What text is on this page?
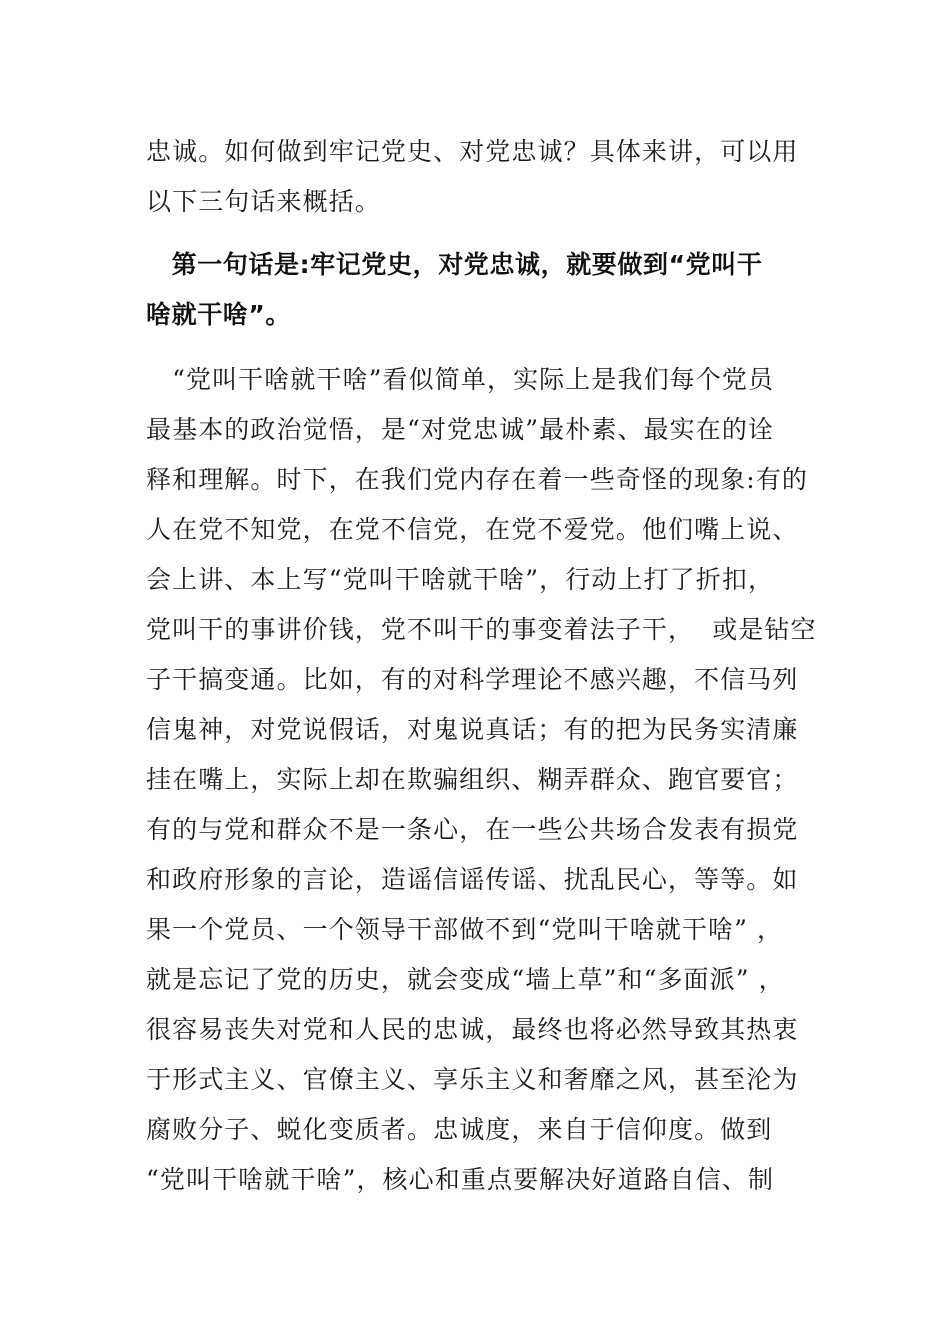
忠诚。如何做到牢记党史、对党忠诚？具体来讲，可以用
以下三句话来概括。
　第一句话是:牢记党史，对党忠诚，就要做到“党叫干
啥就干啥”。
　“党叫干啥就干啥”看似简单，实际上是我们每个党员
最基本的政治觉悟，是“对党忠诚”最朴素、最实在的诠
释和理解。时下，在我们党内存在着一些奇怪的现象:有的
人在党不知党，在党不信党，在党不爱党。他们嘴上说、
会上讲、本上写“党叫干啥就干啥”，行动上打了折扣，
党叫干的事讲价钱，党不叫干的事变着法子干，  或是钻空
子干搞变通。比如，有的对科学理论不感兴趣，不信马列
信鬼神，对党说假话，对鬼说真话；有的把为民务实清廉
挂在嘴上，实际上却在欺骗组织、糊弄群众、跑官要官；
有的与党和群众不是一条心，在一些公共场合发表有损党
和政府形象的言论，造谣信谣传谣、扰乱民心，等等。如
果一个党员、一个领导干部做不到“党叫干啥就干啥” ，
就是忘记了党的历史，就会变成“墙上草”和“多面派” ，
很容易丧失对党和人民的忠诚，最终也将必然导致其热衷
于形式主义、官僚主义、享乐主义和奢靡之风，甚至沦为
腐败分子、蜕化变质者。忠诚度，来自于信仰度。做到
“党叫干啥就干啥”，核心和重点要解决好道路自信、制
